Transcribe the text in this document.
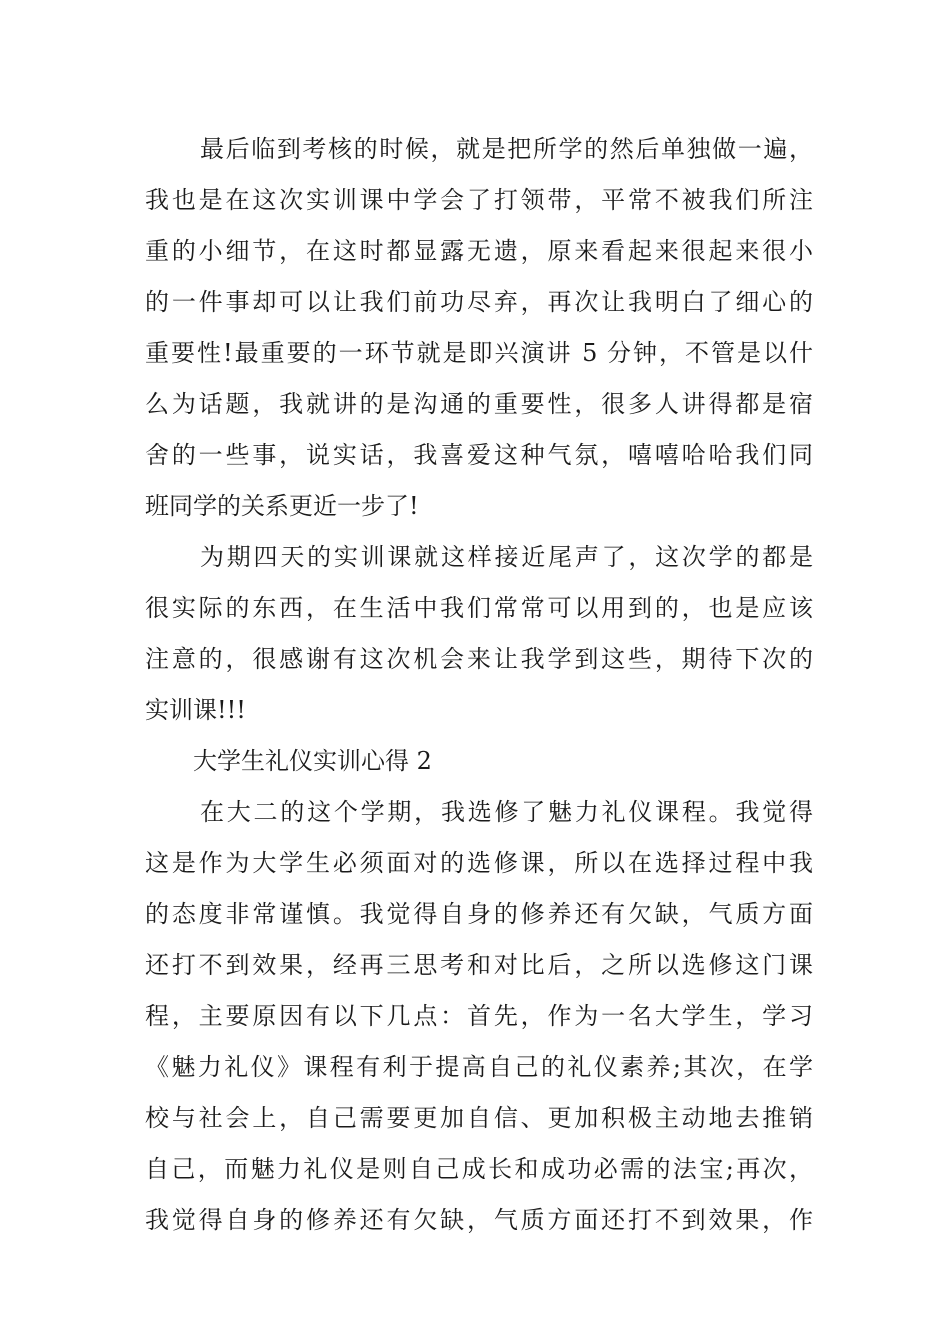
最后临到考核的时候，就是把所学的然后单独做一遍，
我也是在这次实训课中学会了打领带，平常不被我们所注
重的小细节，在这时都显露无遗，原来看起来很起来很小
的一件事却可以让我们前功尽弃，再次让我明白了细心的
重要性!最重要的一环节就是即兴演讲 5 分钟，不管是以什
么为话题，我就讲的是沟通的重要性，很多人讲得都是宿
舍的一些事，说实话，我喜爱这种气氛，嘻嘻哈哈我们同
班同学的关系更近一步了!
为期四天的实训课就这样接近尾声了，这次学的都是
很实际的东西，在生活中我们常常可以用到的，也是应该
注意的，很感谢有这次机会来让我学到这些，期待下次的
实训课!!!
大学生礼仪实训心得 2
在大二的这个学期，我选修了魅力礼仪课程。我觉得
这是作为大学生必须面对的选修课，所以在选择过程中我
的态度非常谨慎。我觉得自身的修养还有欠缺，气质方面
还打不到效果，经再三思考和对比后，之所以选修这门课
程，主要原因有以下几点：首先，作为一名大学生，学习
《魅力礼仪》课程有利于提高自己的礼仪素养;其次，在学
校与社会上，自己需要更加自信、更加积极主动地去推销
自己，而魅力礼仪是则自己成长和成功必需的法宝;再次，
我觉得自身的修养还有欠缺，气质方面还打不到效果，作
